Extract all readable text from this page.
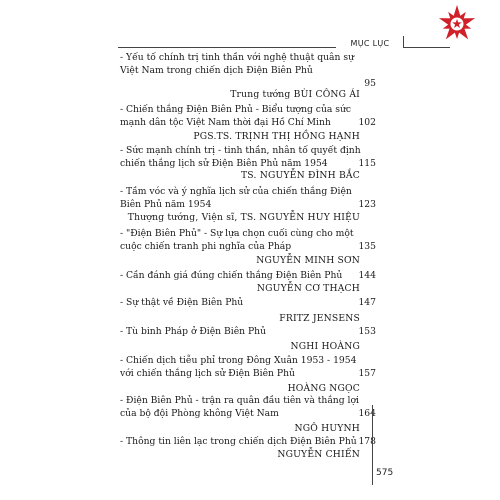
MỤC LỤC
- Yếu tố chính trị tinh thần với nghệ thuật quân sự Việt Nam trong chiến dịch Điện Biên Phủ
95
Trung tướng BÙI CÔNG ÁI
- Chiến thắng Điện Biên Phủ - Biểu tượng của sức mạnh dân tộc Việt Nam thời đại Hồ Chí Minh	102
PGS.TS. TRỊNH THỊ HỒNG HẠNH
- Sức mạnh chính trị - tinh thần, nhân tố quyết định chiến thắng lịch sử Điện Biên Phủ năm 1954	115
TS. NGUYỄN ĐÌNH BẮC
- Tầm vóc và ý nghĩa lịch sử của chiến thắng Điện Biên Phủ năm 1954	123
Thượng tướng, Viện sĩ, TS. NGUYỄN HUY HIỆU
- "Điện Biên Phủ" - Sự lựa chọn cuối cùng cho một cuộc chiến tranh phi nghĩa của Pháp	135
NGUYỄN MINH SƠN
- Cần đánh giá đúng chiến thắng Điện Biên Phủ	144
NGUYỄN CƠ THẠCH
- Sự thật về Điện Biên Phủ	147
FRITZ JENSENS
- Tù binh Pháp ở Điện Biên Phủ	153
NGHI HOÀNG
- Chiến dịch tiễu phỉ trong Đông Xuân 1953 - 1954 với chiến thắng lịch sử Điện Biên Phủ	157
HOÀNG NGỌC
- Điện Biên Phủ - trận ra quân đầu tiên và thắng lợi của bộ đội Phòng không Việt Nam	164
NGÔ HUYNH
- Thông tin liên lạc trong chiến dịch Điện Biên Phủ 178
NGUYỄN CHIẾN
575
